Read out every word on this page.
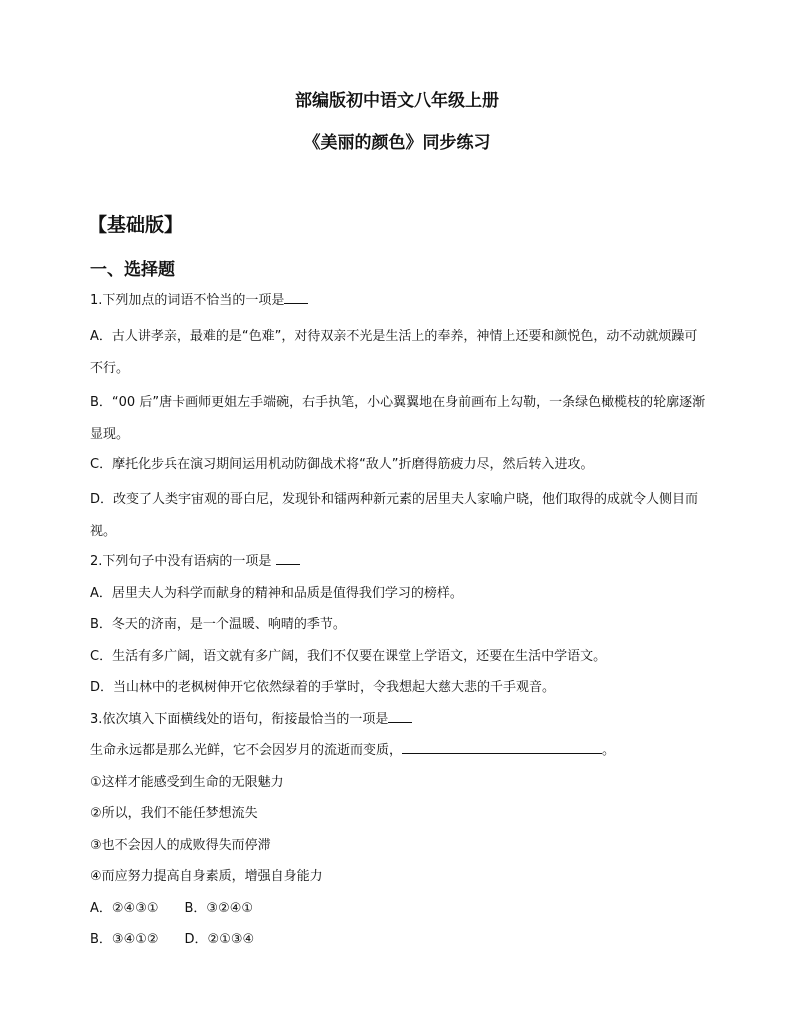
部编版初中语文八年级上册
《美丽的颜色》同步练习
【基础版】
一、选择题
1.下列加点的词语不恰当的一项是
A．古人讲孝亲，最难的是“色难”，对待双亲不光是生活上的奉养，神情上还要和颜悦色，动不动就烦躁可不行。
B．“00 后”唐卡画师更姐左手端碗，右手执笔，小心翼翼地在身前画布上勾勒，一条绿色橄榄枝的轮廓逐渐显现。
C．摩托化步兵在演习期间运用机动防御战术将“敌人”折磨得筋疲力尽，然后转入进攻。
D．改变了人类宇宙观的哥白尼，发现钋和镭两种新元素的居里夫人家喻户晓，他们取得的成就令人侧目而视。
2.下列句子中没有语病的一项是
A．居里夫人为科学而献身的精神和品质是值得我们学习的榜样。
B．冬天的济南，是一个温暖、响晴的季节。
C．生活有多广阔，语文就有多广阔，我们不仅要在课堂上学语文，还要在生活中学语文。
D．当山林中的老枫树伸开它依然绿着的手掌时，令我想起大慈大悲的千手观音。
3.依次填入下面横线处的语句，衔接最恰当的一项是
生命永远都是那么光鲜，它不会因岁月的流逝而变质，	。
①这样才能感受到生命的无限魅力
②所以，我们不能任梦想流失
③也不会因人的成败得失而停滞
④而应努力提高自身素质，增强自身能力
A．②④③①　　B．③②④①
B．③④①②　　D．②①③④
